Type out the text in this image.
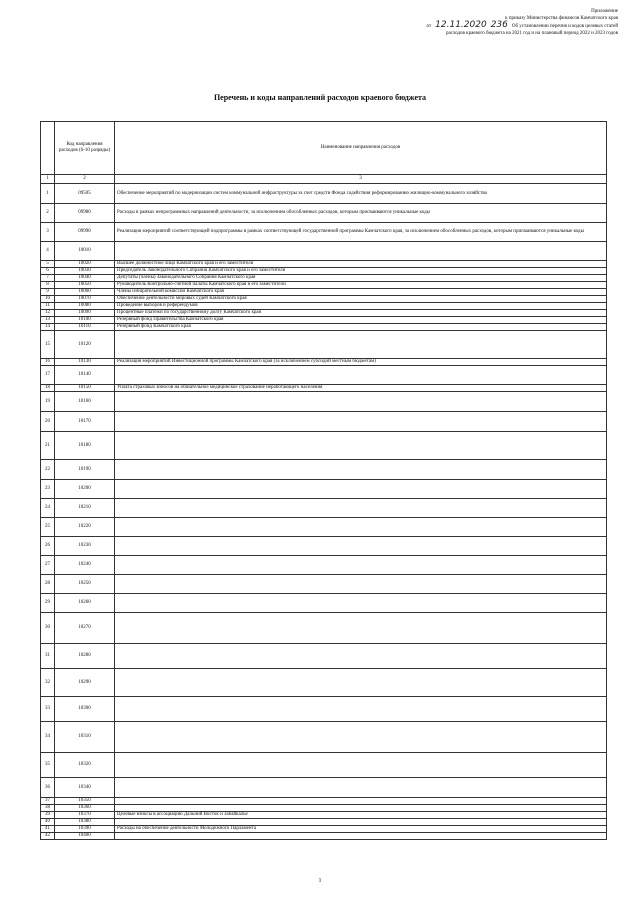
Приложение
к приказу Министерства финансов Камчатского края
от 12.11.2020 236 Об установлении перечня и кодов целевых статей
расходов краевого бюджета на 2021 год и на плановый период 2022 и 2023 годов
Перечень и коды направлений расходов краевого бюджета
	Код направления расходов (6-10 разряды)	Наименование направления расходов
1	2	3
1	09505	Обеспечение мероприятий по модернизации систем коммунальной инфраструктуры за счет средств Фонда содействия реформированию жилищно-коммунального хозяйства
2	09980	Расходы в рамках непрограммных направлений деятельности, за исключением обособленных расходов, которым присваиваются уникальные коды
3	09990	Реализация мероприятий соответствующей подпрограммы в рамках соответствующей государственной программы Камчатского края, за исключением обособленных расходов, которым присваиваются уникальные коды
4	10010	
5	10020	Высшее должностное лицо Камчатского края и его заместители
6	10030	Председатель Законодательного Собрания Камчатского края и его заместители
7	10040	Депутаты (члены) Законодательного Собрания Камчатского края
8	10050	Руководитель Контрольно-счетной палаты Камчатского края и его заместители
9	10060	Члены избирательной комиссии Камчатского края
10	10070	Обеспечение деятельности мировых судей Камчатского края
11	10080	Проведение выборов и референдумов
12	10090	Процентные платежи по государственному долгу Камчатского края
13	10100	Резервный фонд Правительства Камчатского края
14	10110	Резервный фонд Камчатского края
15	10120	
16	10130	Реализация мероприятий Инвестиционной программы Камчатского края (за исключением субсидий местным бюджетам)
17	10140	
18	10150	Уплата страховых взносов на обязательное медицинское страхование неработающего населения
19	10160	
20	10170	
21	10180	
22	10190	
23	10200	
24	10210	
25	10220	
26	10230	
27	10240	
28	10250	
29	10260	
30	10270	
31	10280	
32	10290	
33	10300	
34	10310	
35	10320	
36	10340	
37	10350	
38	10360	
39	10370	Целевые взносы в ассоциацию Дальний Восток и Забайкалье
40	10380	
41	10390	Расходы на обеспечение деятельности Молодежного Парламента
42	10400	
1
